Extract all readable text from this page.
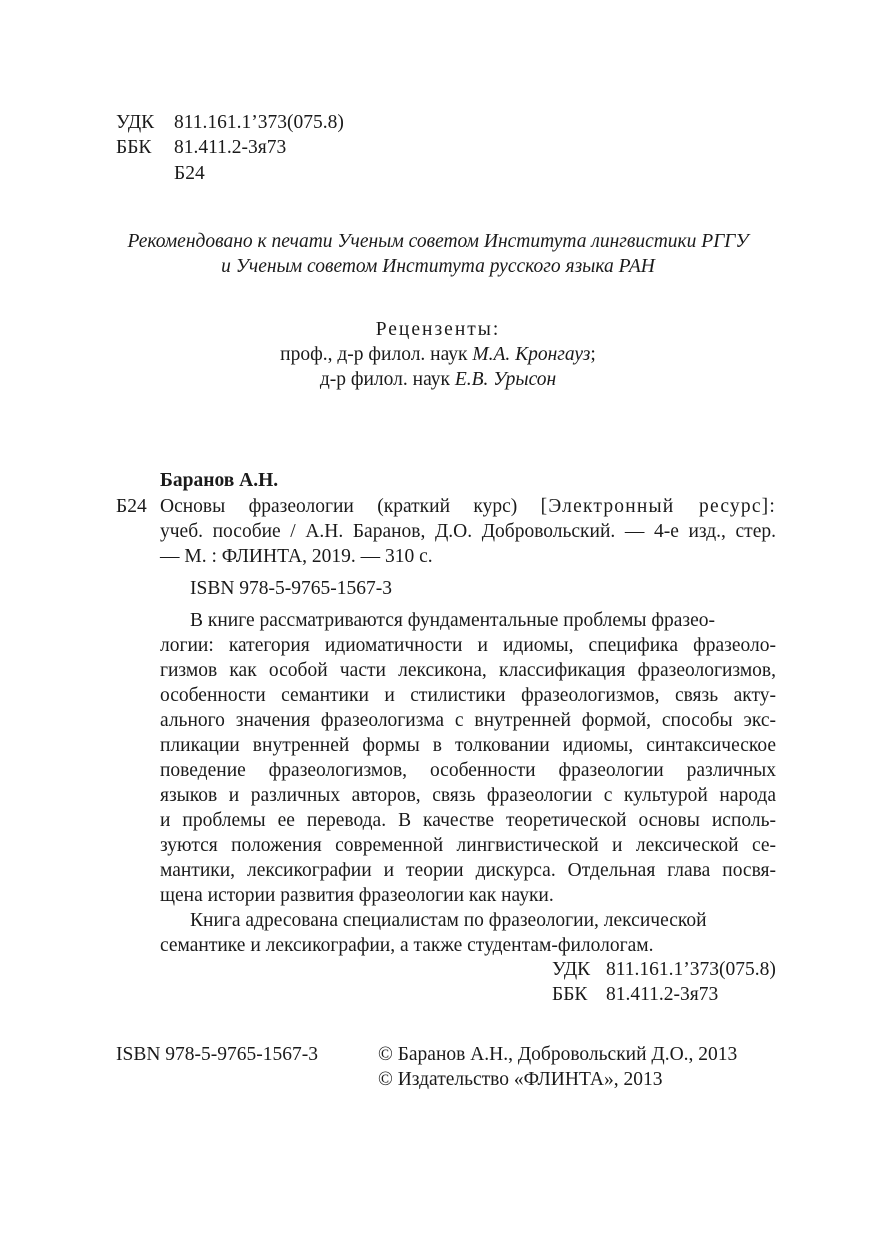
УДК 811.161.1’373(075.8)
ББК 81.411.2-3я73
Б24
Рекомендовано к печати Ученым советом Института лингвистики РГГУ
и Ученым советом Института русского языка РАН
Рецензенты:
проф., д-р филол. наук М.А. Кронгауз;
д-р филол. наук Е.В. Урысон
Баранов А.Н.
Б24 Основы фразеологии (краткий курс) [Электронный ресурс]:
учеб. пособие / А.Н. Баранов, Д.О. Добровольский. — 4-е изд., стер.
— М. : ФЛИНТА, 2019. — 310 с.
ISBN 978-5-9765-1567-3
В книге рассматриваются фундаментальные проблемы фразео-
логии: категория идиоматичности и идиомы, специфика фразеоло-
гизмов как особой части лексикона, классификация фразеологизмов,
особенности семантики и стилистики фразеологизмов, связь акту-
ального значения фразеологизма с внутренней формой, способы экс-
пликации внутренней формы в толковании идиомы, синтаксическое
поведение фразеологизмов, особенности фразеологии различных
языков и различных авторов, связь фразеологии с культурой народа
и проблемы ее перевода. В качестве теоретической основы исполь-
зуются положения современной лингвистической и лексической се-
мантики, лексикографии и теории дискурса. Отдельная глава посвя-
щена истории развития фразеологии как науки.
Книга адресована специалистам по фразеологии, лексической
семантике и лексикографии, а также студентам-филологам.
УДК 811.161.1’373(075.8)
ББК 81.411.2-3я73
ISBN 978-5-9765-1567-3	© Баранов А.Н., Добровольский Д.О., 2013
© Издательство «ФЛИНТА», 2013
